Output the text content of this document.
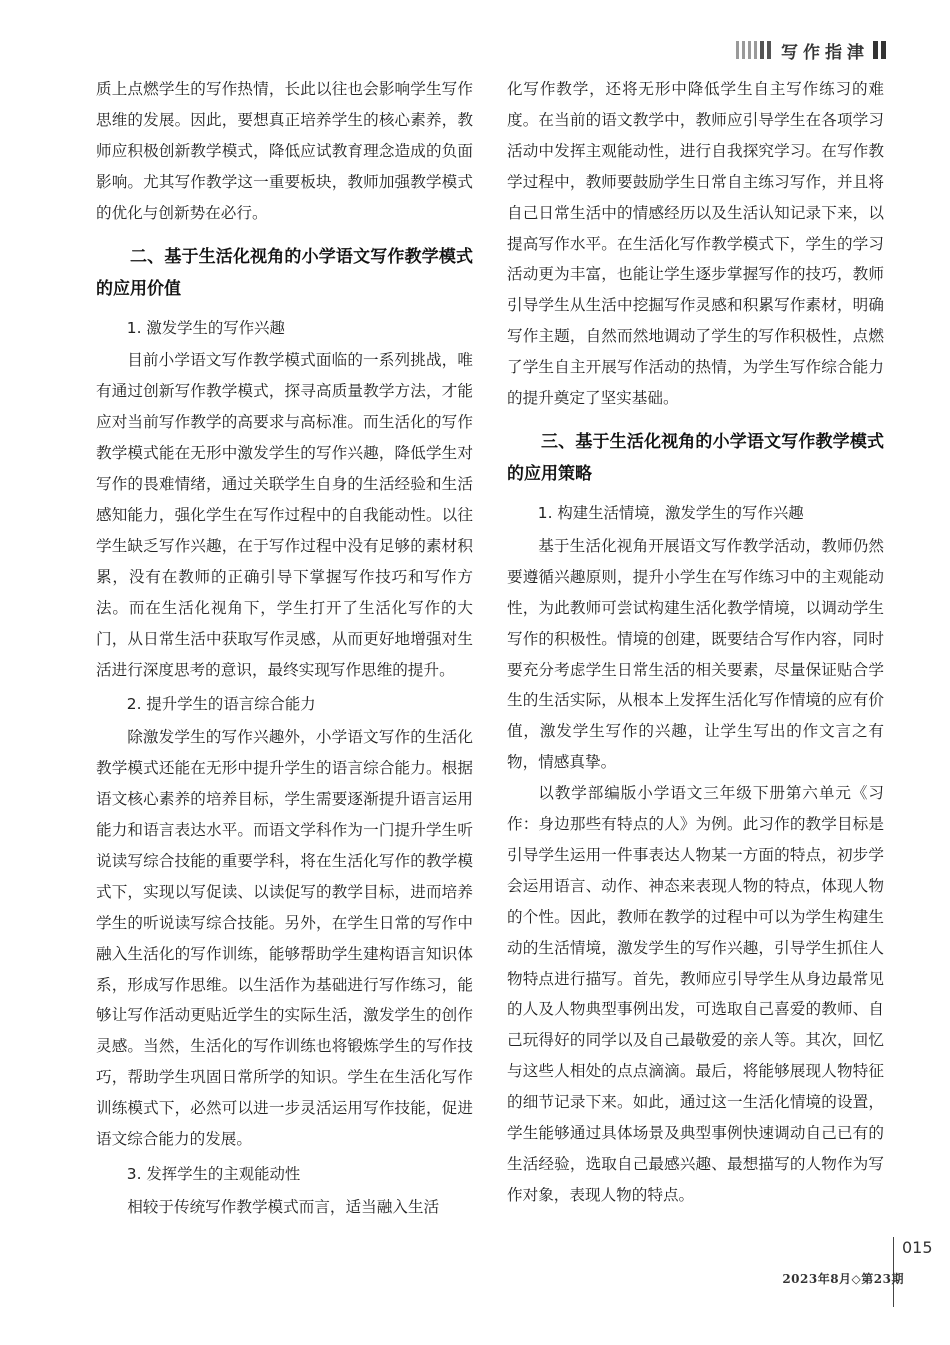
写作指津

质上点燃学生的写作热情，长此以往也会影响学生写作思维的发展。因此，要想真正培养学生的核心素养，教师应积极创新教学模式，降低应试教育理念造成的负面影响。尤其写作教学这一重要板块，教师加强教学模式的优化与创新势在必行。

二、基于生活化视角的小学语文写作教学模式的应用价值
1. 激发学生的写作兴趣

目前小学语文写作教学模式面临的一系列挑战，唯有通过创新写作教学模式，探寻高质量教学方法，才能应对当前写作教学的高要求与高标准。而生活化的写作教学模式能在无形中激发学生的写作兴趣，降低学生对写作的畏难情绪，通过关联学生自身的生活经验和生活感知能力，强化学生在写作过程中的自我能动性。以往学生缺乏写作兴趣，在于写作过程中没有足够的素材积累，没有在教师的正确引导下掌握写作技巧和写作方法。而在生活化视角下，学生打开了生活化写作的大门，从日常生活中获取写作灵感，从而更好地增强对生活进行深度思考的意识，最终实现写作思维的提升。

2. 提升学生的语言综合能力

除激发学生的写作兴趣外，小学语文写作的生活化教学模式还能在无形中提升学生的语言综合能力。根据语文核心素养的培养目标，学生需要逐渐提升语言运用能力和语言表达水平。而语文学科作为一门提升学生听说读写综合技能的重要学科，将在生活化写作的教学模式下，实现以写促读、以读促写的教学目标，进而培养学生的听说读写综合技能。另外，在学生日常的写作中融入生活化的写作训练，能够帮助学生建构语言知识体系，形成写作思维。以生活作为基础进行写作练习，能够让写作活动更贴近学生的实际生活，激发学生的创作灵感。当然，生活化的写作训练也将锻炼学生的写作技巧，帮助学生巩固日常所学的知识。学生在生活化写作训练模式下，必然可以进一步灵活运用写作技能，促进语文综合能力的发展。

3. 发挥学生的主观能动性

相较于传统写作教学模式而言，适当融入生活

化写作教学，还将无形中降低学生自主写作练习的难度。在当前的语文教学中，教师应引导学生在各项学习活动中发挥主观能动性，进行自我探究学习。在写作教学过程中，教师要鼓励学生日常自主练习写作，并且将自己日常生活中的情感经历以及生活认知记录下来，以提高写作水平。在生活化写作教学模式下，学生的学习活动更为丰富，也能让学生逐步掌握写作的技巧，教师引导学生从生活中挖掘写作灵感和积累写作素材，明确写作主题，自然而然地调动了学生的写作积极性，点燃了学生自主开展写作活动的热情，为学生写作综合能力的提升奠定了坚实基础。

三、基于生活化视角的小学语文写作教学模式的应用策略
1. 构建生活情境，激发学生的写作兴趣

基于生活化视角开展语文写作教学活动，教师仍然要遵循兴趣原则，提升小学生在写作练习中的主观能动性，为此教师可尝试构建生活化教学情境，以调动学生写作的积极性。情境的创建，既要结合写作内容，同时要充分考虑学生日常生活的相关要素，尽量保证贴合学生的生活实际，从根本上发挥生活化写作情境的应有价值，激发学生写作的兴趣，让学生写出的作文言之有物，情感真挚。

以教学部编版小学语文三年级下册第六单元《习作：身边那些有特点的人》为例。此习作的教学目标是引导学生运用一件事表达人物某一方面的特点，初步学会运用语言、动作、神态来表现人物的特点，体现人物的个性。因此，教师在教学的过程中可以为学生构建生动的生活情境，激发学生的写作兴趣，引导学生抓住人物特点进行描写。首先，教师应引导学生从身边最常见的人及人物典型事例出发，可选取自己喜爱的教师、自己玩得好的同学以及自己最敬爱的亲人等。其次，回忆与这些人相处的点点滴滴。最后，将能够展现人物特征的细节记录下来。如此，通过这一生活化情境的设置，学生能够通过具体场景及典型事例快速调动自己已有的生活经验，选取自己最感兴趣、最想描写的人物作为写作对象，表现人物的特点。

015
2023年8月◇第23期
